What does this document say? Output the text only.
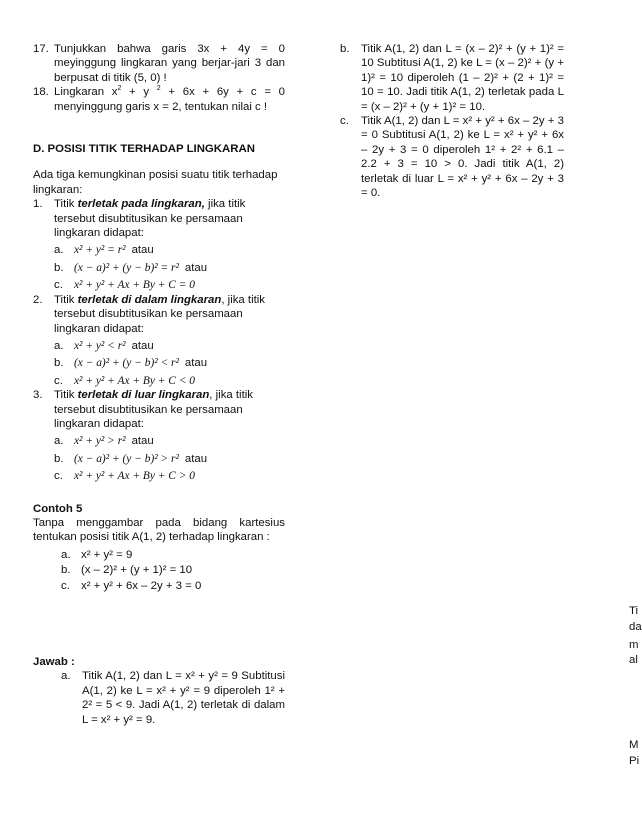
17. Tunjukkan bahwa garis 3x + 4y = 0 meyinggung lingkaran yang berjar-jari 3 dan berpusat di titik (5, 0) !

18. Lingkaran $x^2 + y$ $^2$ + 6x + 6y + c = 0 menyinggung garis x = 2, tentukan nilai c !

D. POSISI TITIK TERHADAP LINGKARAN

Ada tiga kemungkinan posisi suatu titik terhadap lingkaran:

1.	Titik terletak pada lingkaran, jika titik tersebut disubtitusikan ke persamaan lingkaran didapat:

a. x² + y² = r² atau
b. (x − a)² + (y − b)² = r² atau
c. x² + y² + Ax + By + C = 0
2.	Titik terletak di dalam lingkaran, jika titik tersebut disubtitusikan ke persamaan lingkaran didapat:

a. x² + y² < r² atau
b. (x − a)² + (y − b)² < r² atau
c. x² + y² + Ax + By + C < 0
3.	Titik terletak di luar lingkaran, jika titik tersebut disubtitusikan ke persamaan lingkaran didapat:

a. x² + y² > r² atau
b. (x − a)² + (y − b)² > r² atau
c. x² + y² + Ax + By + C > 0
Contoh 5

Tanpa menggambar pada bidang kartesius tentukan posisi titik A(1, 2) terhadap lingkaran :

a. x² + y² = 9
b. (x – 2)² + (y + 1)² = 10
c. x² + y² + 6x – 2y + 3 = 0
Jawab :
a.	Titik A(1, 2) dan L = x² + y² = 9 Subtitusi A(1, 2) ke L = x² + y² = 9 diperoleh 1² + 2² = 5 < 9. Jadi A(1, 2) terletak di dalam L = x² + y² = 9.

b.	Titik A(1, 2) dan L = (x – 2)² + (y + 1)² = 10 Subtitusi A(1, 2) ke L = (x – 2)² + (y + 1)² = 10 diperoleh (1 – 2)² + (2 + 1)² = 10 = 10. Jadi titik A(1, 2) terletak pada L = (x – 2)² + (y + 1)² = 10.

c.	Titik A(1, 2) dan L = x² + y² + 6x – 2y + 3 = 0 Subtitusi A(1, 2) ke L = x² + y² + 6x – 2y + 3 = 0 diperoleh 1² + 2² + 6.1 – 2.2 + 3 = 10 > 0. Jadi titik A(1, 2) terletak di luar L = x² + y² + 6x – 2y + 3 = 0.

Ti
da
m
al
M
Pi
